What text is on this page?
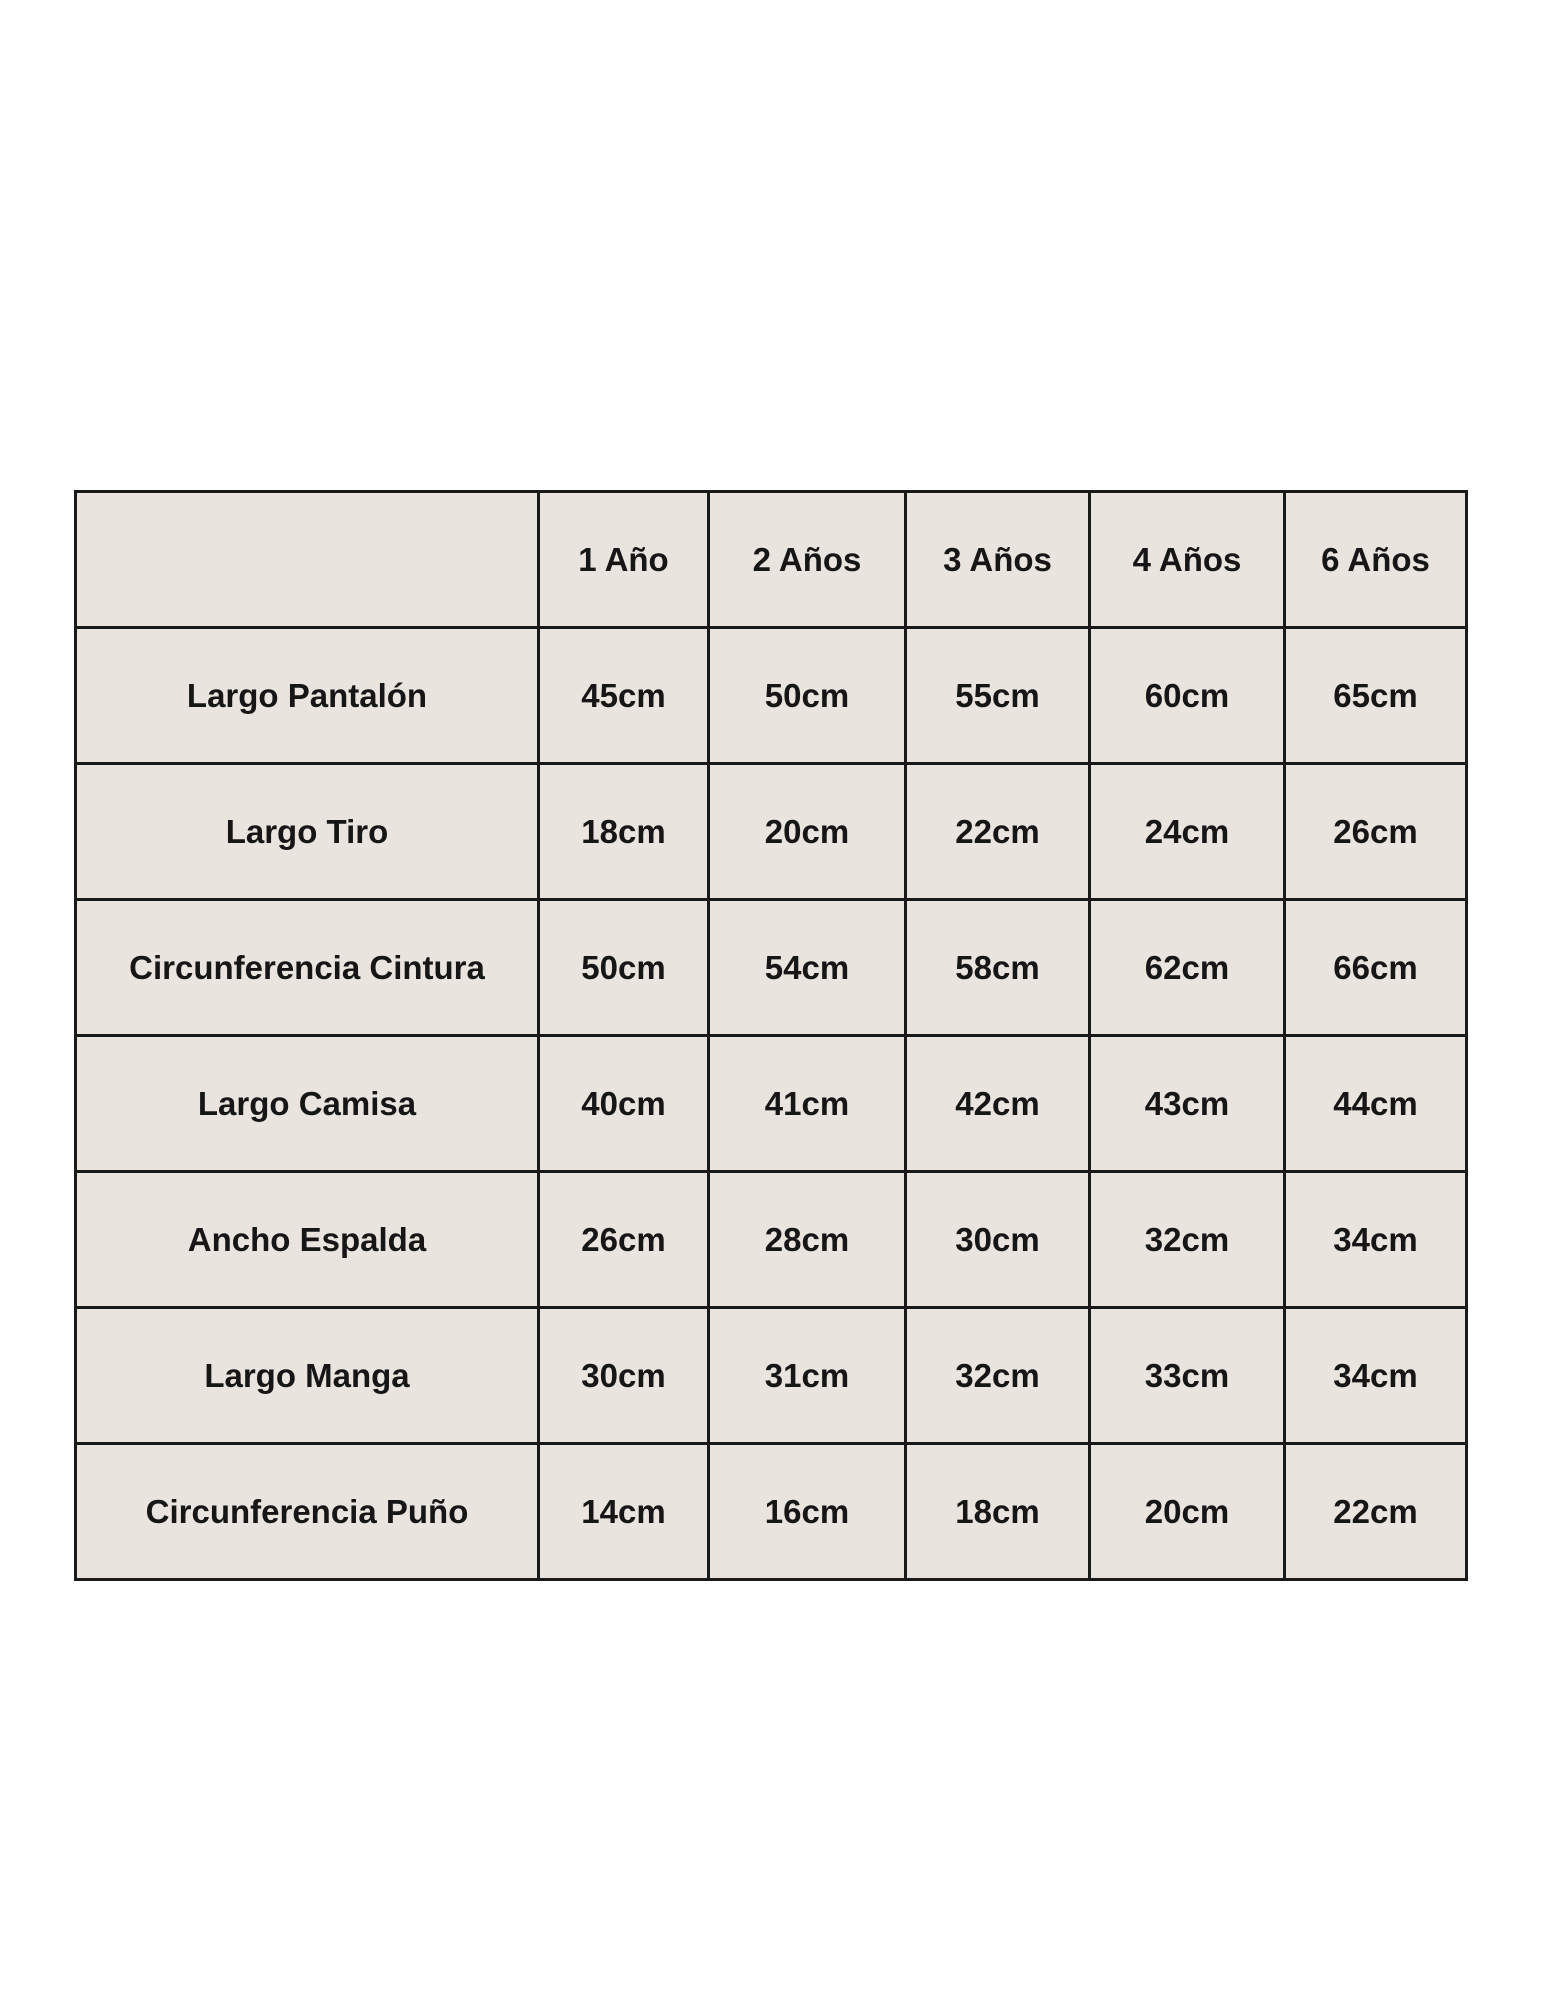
	1 Año	2 Años	3 Años	4 Años	6 Años
Largo Pantalón	45cm	50cm	55cm	60cm	65cm
Largo Tiro	18cm	20cm	22cm	24cm	26cm
Circunferencia Cintura	50cm	54cm	58cm	62cm	66cm
Largo Camisa	40cm	41cm	42cm	43cm	44cm
Ancho Espalda	26cm	28cm	30cm	32cm	34cm
Largo Manga	30cm	31cm	32cm	33cm	34cm
Circunferencia Puño	14cm	16cm	18cm	20cm	22cm
